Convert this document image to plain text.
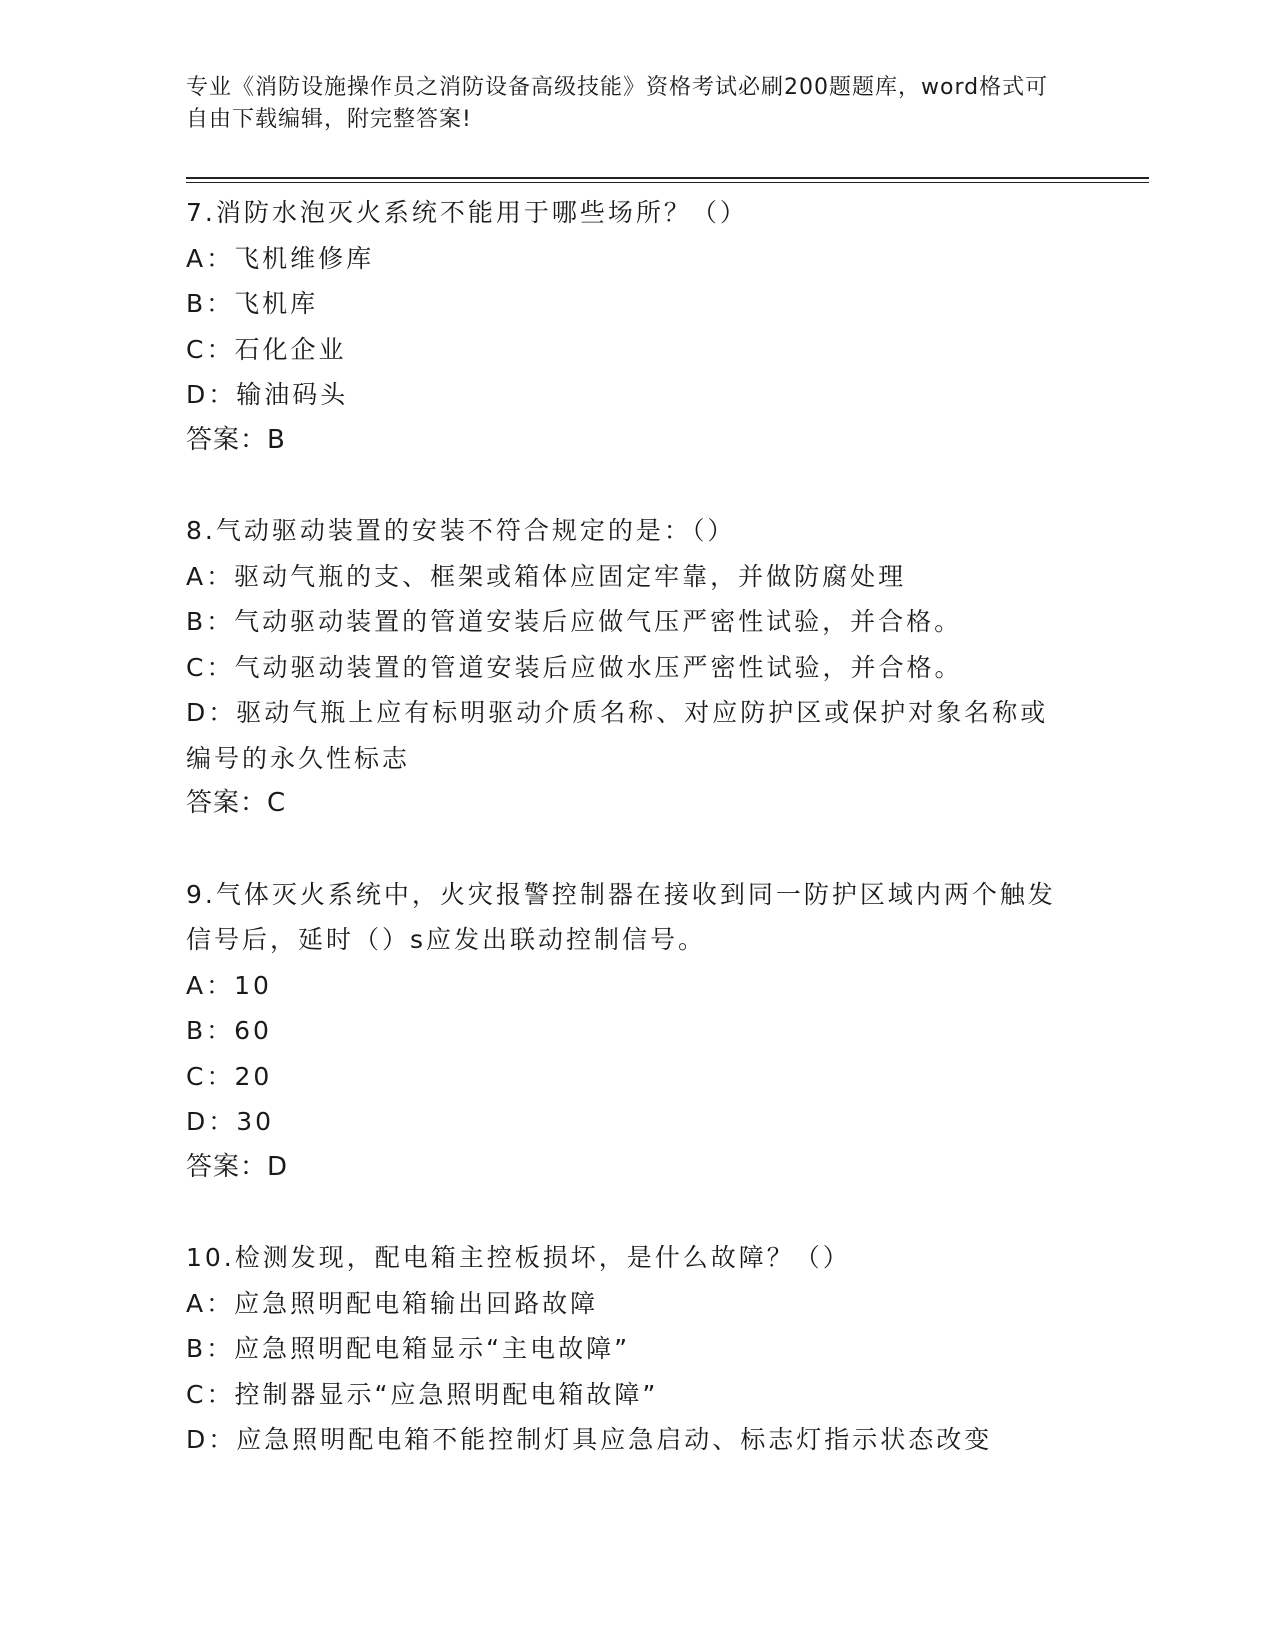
专业《消防设施操作员之消防设备高级技能》资格考试必刷200题题库，word格式可自由下载编辑，附完整答案!
7.消防水泡灭火系统不能用于哪些场所？（）
A：飞机维修库
B：飞机库
C：石化企业
D：输油码头
答案：B
8.气动驱动装置的安装不符合规定的是：（）
A：驱动气瓶的支、框架或箱体应固定牢靠，并做防腐处理
B：气动驱动装置的管道安装后应做气压严密性试验，并合格。
C：气动驱动装置的管道安装后应做水压严密性试验，并合格。
D：驱动气瓶上应有标明驱动介质名称、对应防护区或保护对象名称或编号的永久性标志
答案：C
9.气体灭火系统中，火灾报警控制器在接收到同一防护区域内两个触发信号后，延时（）s应发出联动控制信号。
A：10
B：60
C：20
D：30
答案：D
10.检测发现，配电箱主控板损坏，是什么故障？（）
A：应急照明配电箱输出回路故障
B：应急照明配电箱显示“主电故障”
C：控制器显示“应急照明配电箱故障”
D：应急照明配电箱不能控制灯具应急启动、标志灯指示状态改变
